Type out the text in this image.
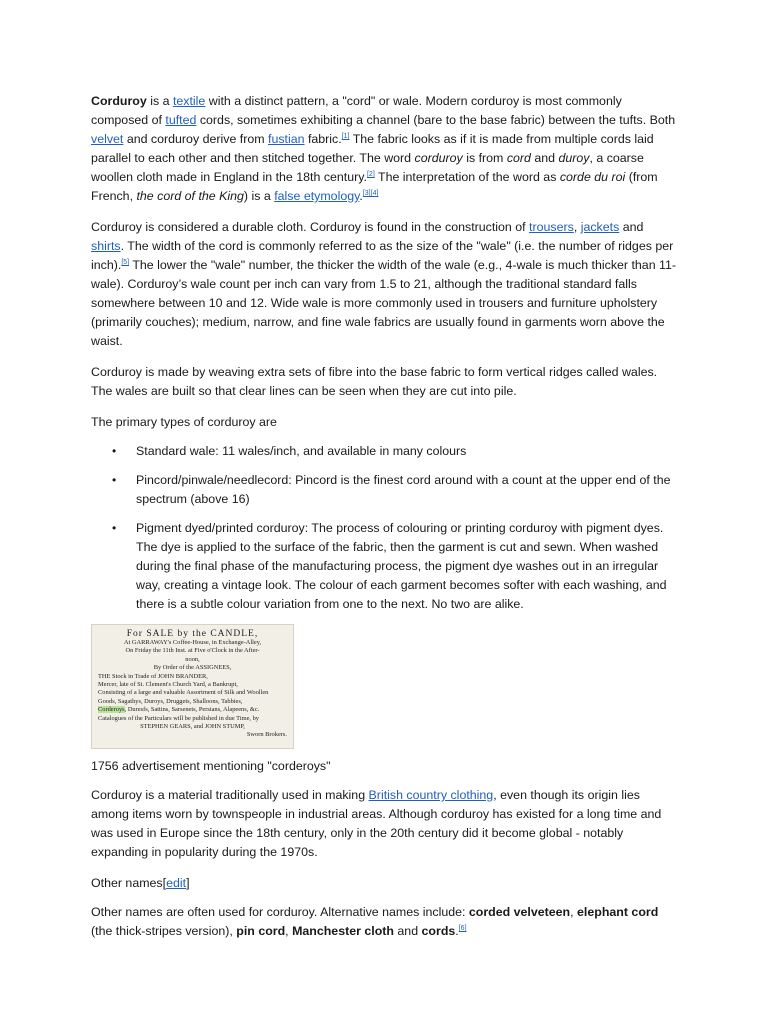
Corduroy is a textile with a distinct pattern, a "cord" or wale. Modern corduroy is most commonly composed of tufted cords, sometimes exhibiting a channel (bare to the base fabric) between the tufts. Both velvet and corduroy derive from fustian fabric.[1] The fabric looks as if it is made from multiple cords laid parallel to each other and then stitched together. The word corduroy is from cord and duroy, a coarse woollen cloth made in England in the 18th century.[2] The interpretation of the word as corde du roi (from French, the cord of the King) is a false etymology.[3][4]

Corduroy is considered a durable cloth. Corduroy is found in the construction of trousers, jackets and shirts. The width of the cord is commonly referred to as the size of the "wale" (i.e. the number of ridges per inch).[5] The lower the "wale" number, the thicker the width of the wale (e.g., 4-wale is much thicker than 11-wale). Corduroy’s wale count per inch can vary from 1.5 to 21, although the traditional standard falls somewhere between 10 and 12. Wide wale is more commonly used in trousers and furniture upholstery (primarily couches); medium, narrow, and fine wale fabrics are usually found in garments worn above the waist.

Corduroy is made by weaving extra sets of fibre into the base fabric to form vertical ridges called wales. The wales are built so that clear lines can be seen when they are cut into pile.

The primary types of corduroy are

• Standard wale: 11 wales/inch, and available in many colours
• Pincord/pinwale/needlecord: Pincord is the finest cord around with a count at the upper end of the spectrum (above 16)
• Pigment dyed/printed corduroy: The process of colouring or printing corduroy with pigment dyes. The dye is applied to the surface of the fabric, then the garment is cut and sewn. When washed during the final phase of the manufacturing process, the pigment dye washes out in an irregular way, creating a vintage look. The colour of each garment becomes softer with each washing, and there is a subtle colour variation from one to the next. No two are alike.
For SALE by the CANDLE,
At GARRAWAY's Coffee-House, in Exchange-Alley,
On Friday the 11th Inst. at Five o'Clock in the After-
noon,
By Order of the ASSIGNEES,
THE Stock in Trade of JOHN BRANDER,
Mercer, late of St. Clement's Church Yard, a Bankrupt,
Consisting of a large and valuable Assortment of Silk and Woollen
Goods, Sagathys, Duroys, Druggets, Shalloons, Tabbies,
Corderoys, Duresfs, Sattins, Sarsenets, Persians, Alapeens, &c.
Catalogues of the Particulars will be published in due Time, by
STEPHEN GEARS, and JOHN STUMP,
Sworn Brokers.

1756 advertisement mentioning "corderoys"

Corduroy is a material traditionally used in making British country clothing, even though its origin lies among items worn by townspeople in industrial areas. Although corduroy has existed for a long time and was used in Europe since the 18th century, only in the 20th century did it become global - notably expanding in popularity during the 1970s.

Other names[edit]

Other names are often used for corduroy. Alternative names include: corded velveteen, elephant cord (the thick-stripes version), pin cord, Manchester cloth and cords.[6]
